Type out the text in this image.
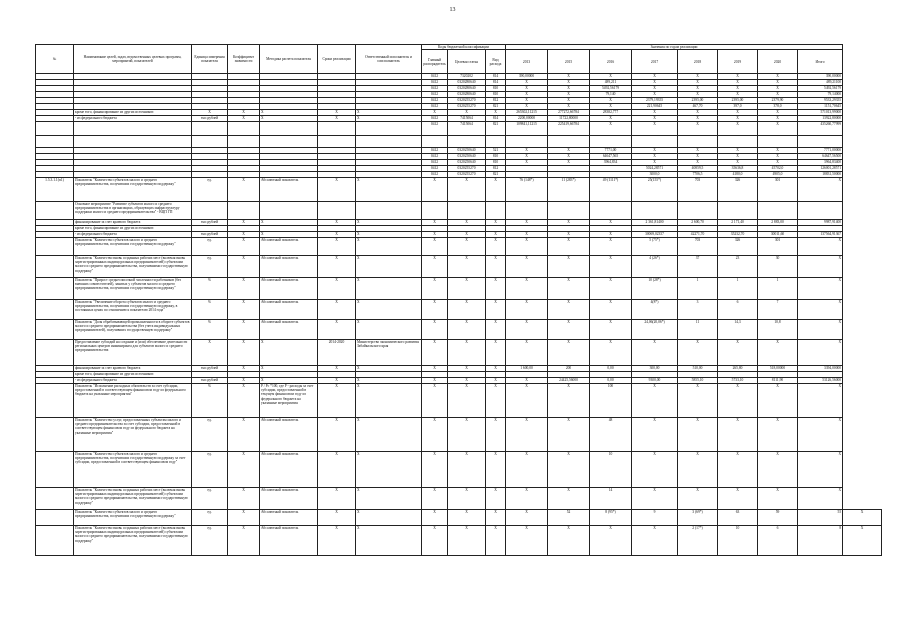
13
№	Наименование целей, задач, ведомственных целевых программ, мероприятий, показателей	Единица измерения показателя	Коэффициент значимости	Методика расчета показателя	Сроки реализации	Ответственный исполнитель и соисполнитель	Коды бюджетной классификации			Значения по годам реализации								
							Главный распорядитель	Целевая статья	Вид расхода	2013	2015	2016	2017	2018	2019	2020	Итого	
							0412	7320202	814	390,00000	X	X	X	X	X	X	390,00000	
							0412	0320280640	814	X	X	489,211	X	X	X	X	489,21100	
							0412	0320280640	810	X	X	5492,56179	X	X	X	X	5492,56179	
							0412	0320280640	810	X	X	79,140	X	X	X	X	79,14000	
							0412	0320255270	812	X	X	X	2379,19355	2395,00	2395,00	2379,90	9533,29355	
							0412	0320255270	821	X	X	X	221,90645	467,70	397,0	378,0	1151,70645	
	кроме того, финансирование из других источников:	X	X	X	X	X	X	X	X	265302,11215	277272,66784	28382,777	X	X	X	X	571013,99000	
	- из федерального бюджета	тыс.рублей	X	X	X	X	0412	7415064	814	2200,00000	11722,80000	X	X	X	X	X	13922,80000	
							0412	7415064	821	109841,11215	225419,66784	X	X	X	X	X	435260,77999	

							0412	0320250640	521	X	X	7771,00	X	X	X	X	7771,00000	
							0412	0320250640	810	X	X	64647,565	X	X	X	X	64647,56500	
							0412	0320250640	810	X	X	3964,834	X	X	X	X	3964,83400	
							0412	0320255270	812				5024,28571	40859,5	35636,8	45702,0	126001,28571	
							0412	0320255270	821				3000,0	7706,5	4180,0	4905,0	18831,50000	
1.5.3.1.1(п1)	Показатель "Количество субъектов малого и среднего предпринимательства, получивших государственную поддержку"	ед.	X	Абсолютный показатель	X	X	X	X	X	76 (148*)	11 (283*)	49 (1111*)	25(155*)	703	326	301	X	
	Основное мероприятие "Развитие субъектов малого и среднего предпринимательства в организациях, образующих инфраструктуру поддержки малого и среднего предпринимательства" - ВЦП ГП																	
	финансирование за счет краевого бюджета	тыс.рублей	X	X	X	X	X	X	X	X	X	X	2 361,81400	2 600,70	2 171,40	2 883,00	9987,91400	
	кроме того, финансирование из других источников:																	
	- из федерального бюджета	тыс.рублей	X	X	X	X	X	X	X	X	X	X	30069,02357	42271,70	35232,70	30011,60	137564,91367	
	Показатель "Количество субъектов малого и среднего предпринимательства, получивших государственную поддержку"	ед.	X	Абсолютный показатель	X	X	X	X	X	X	X	X	5 (75*)	703	326	301	X	
	Показатель "Количество вновь созданных рабочих мест (включая вновь зарегистрированных индивидуальных предпринимателей) субъектами малого и среднего предпринимательства, получившими государственную поддержку"	ед.	X	Абсолютный показатель	X	X	X	X	X	X	X	X	4 (26*)	37	23	30	X	
	Показатель "Прирост среднесписочной численности работников (без внешних совместителей), занятых у субъектов малого и среднего предпринимательства, получивших государственную поддержку"	%	X	Абсолютный показатель	X	X	X	X	X	X	X	X	10 (28*)	1	1	1	X	
	Показатель "Увеличение оборота субъектов малого и среднего предпринимательства, получивших государственную поддержку, в постоянных ценах по отношению к показателю 2014 года"	%	X	Абсолютный показатель	X	X	X	X	X	X	X	X	4(8*)	3	6	7	X	
	Показатель "Доля обрабатывающей промышленности в обороте субъектов малого и среднего предпринимательства (без учета индивидуальных предпринимателей), получивших государственную поддержку"	%	X	Абсолютный показатель	X	X	X	X	X	X	X	X	24,06(20,06*)	11	14,3	10,8	X	
	Предоставление субсидий на создание и (или) обеспечение деятельности региональных центров инжиниринга для субъектов малого и среднего предпринимательства	X	X	X	2014-2020	Министерство экономического развития Забайкальского края	X	X	X	X	X	X	X	X	X	X	X	
	финансирование за счет краевого бюджета	тыс.рублей	X	X	X	X	X	X	X	1 600,00	200	0,00	300,00	510,00	265,80	518,00000	3394,00000	
	кроме того, финансирование из других источников:																	
	- из федерального бюджета	тыс.рублей	X	X	X	X	X	X	X	X	24425,56000	0,00	9300,00	5855,10	5733,10	8111,90	53126,56000	
	Показатель "Исполнение расходных обязательств за счет субсидии, предоставленной в соответствующем финансовом году из федерального бюджета на указанные мероприятия"	%	X	P / Pc *100, где P - расходы за счет субсидии, предоставленной в текущем финансовом году из федерального бюджета на указанные мероприятия	X	X	X	X	X	X	X	100	X	X	X	X	X	
	Показатель "Количество услуг, предоставленных субъектам малого и среднего предпринимательства за счет субсидии, предоставленной в соответствующем финансовом году из федерального бюджета на указанные мероприятия"	ед.	X	Абсолютный показатель	X	X	X	X	X	X	X	48	X	X	X	X	X	
	Показатель "Количество субъектов малого и среднего предпринимательства, получивших государственную поддержку за счет субсидии, предоставленной в соответствующем финансовом году"	ед.	X	Абсолютный показатель	X	X	X	X	X	X	X	10	X	X	X	X	X	
	Показатель "Количество вновь созданных рабочих мест (включая вновь зарегистрированных индивидуальных предпринимателей) субъектами малого и среднего предпринимательства, получившими государственную поддержку"	ед.	X	Абсолютный показатель	X	X	X	X	X	X	X	14	X	X	X	X	X	
	Показатель "Количество субъектов малого и среднего предпринимательства, получивших государственную поддержку"	ед.	X	Абсолютный показатель	X	X	X	X	X	X	52	8 (95*)	9	3 (69*)	63	59	55	X
	Показатель "Количество вновь созданных рабочих мест (включая вновь зарегистрированных индивидуальных предпринимателей) субъектами малого и среднего предпринимательства, получившими государственную поддержку"	ед.	X	Абсолютный показатель	X	X	X	X	X	X	X	X	X	2 (17*)	10	6	8	X
